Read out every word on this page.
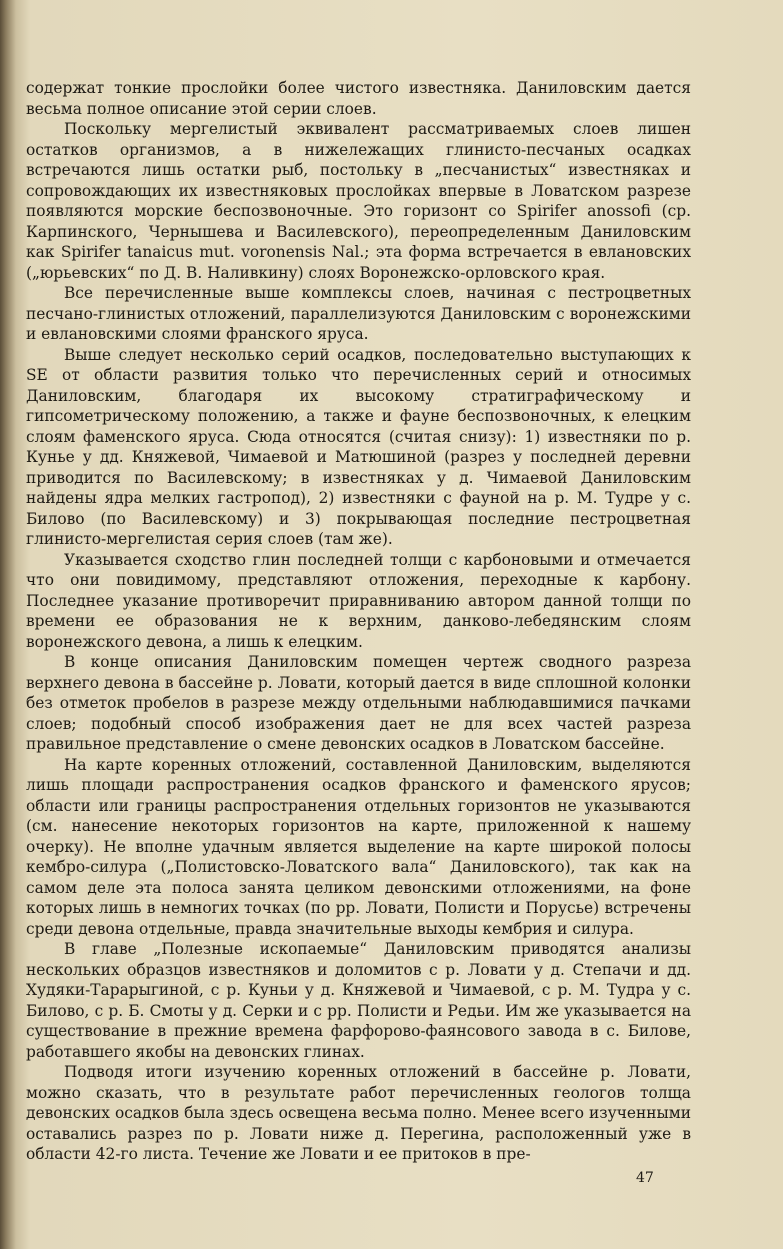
содержат тонкие прослойки более чистого известняка. Даниловским дается весьма полное описание этой серии слоев.

Поскольку мергелистый эквивалент рассматриваемых слоев лишен остатков организмов, а в нижележащих глинисто-песчаных осадках встречаются лишь остатки рыб, постольку в „песчанистых“ известняках и сопровождающих их известняковых прослойках впервые в Ловатском разрезе появляются морские беспозвоночные. Это горизонт со Spirifer anossofi (ср. Карпинского, Чернышева и Василевского), переопределенным Даниловским как Spirifer tanaicus mut. voronensis Nal.; эта форма встречается в евлановских („юрьевских“ по Д. В. Наливкину) слоях Воронежско-орловского края.

Все перечисленные выше комплексы слоев, начиная с пестроцветных песчано-глинистых отложений, параллелизуются Даниловским с воронежскими и евлановскими слоями франского яруса.

Выше следует несколько серий осадков, последовательно выступающих к SE от области развития только что перечисленных серий и относимых Даниловским, благодаря их высокому стратиграфическому и гипсометрическому положению, а также и фауне беспозвоночных, к елецким слоям фаменского яруса. Сюда относятся (считая снизу): 1) известняки по р. Кунье у дд. Княжевой, Чимаевой и Матюшиной (разрез у последней деревни приводится по Василевскому; в известняках у д. Чимаевой Даниловским найдены ядра мелких гастропод), 2) известняки с фауной на р. М. Тудре у с. Билово (по Василевскому) и 3) покрывающая последние пестроцветная глинисто-мергелистая серия слоев (там же).

Указывается сходство глин последней толщи с карбоновыми и отмечается что они повидимому, представляют отложения, переходные к карбону. Последнее указание противоречит приравниванию автором данной толщи по времени ее образования не к верхним, данково-лебедянским слоям воронежского девона, а лишь к елецким.

В конце описания Даниловским помещен чертеж сводного разреза верхнего девона в бассейне р. Ловати, который дается в виде сплошной колонки без отметок пробелов в разрезе между отдельными наблюдавшимися пачками слоев; подобный способ изображения дает не для всех частей разреза правильное представление о смене девонских осадков в Ловатском бассейне.

На карте коренных отложений, составленной Даниловским, выделяются лишь площади распространения осадков франского и фаменского ярусов; области или границы распространения отдельных горизонтов не указываются (см. нанесение некоторых горизонтов на карте, приложенной к нашему очерку). Не вполне удачным является выделение на карте широкой полосы кембро-силура („Полистовско-Ловатского вала“ Даниловского), так как на самом деле эта полоса занята целиком девонскими отложениями, на фоне которых лишь в немногих точках (по рр. Ловати, Полисти и Порусье) встречены среди девона отдельные, правда значительные выходы кембрия и силура.

В главе „Полезные ископаемые“ Даниловским приводятся анализы нескольких образцов известняков и доломитов с р. Ловати у д. Степачи и дд. Худяки-Тарарыгиной, с р. Куньи у д. Княжевой и Чимаевой, с р. М. Тудра у с. Билово, с р. Б. Смоты у д. Серки и с рр. Полисти и Редьи. Им же указывается на существование в прежние времена фарфорово-фаянсового завода в с. Билове, работавшего якобы на девонских глинах.

Подводя итоги изучению коренных отложений в бассейне р. Ловати, можно сказать, что в результате работ перечисленных геологов толща девонских осадков была здесь освещена весьма полно. Менее всего изученными оставались разрез по р. Ловати ниже д. Перегина, расположенный уже в области 42-го листа. Течение же Ловати и ее притоков в пре-

47
